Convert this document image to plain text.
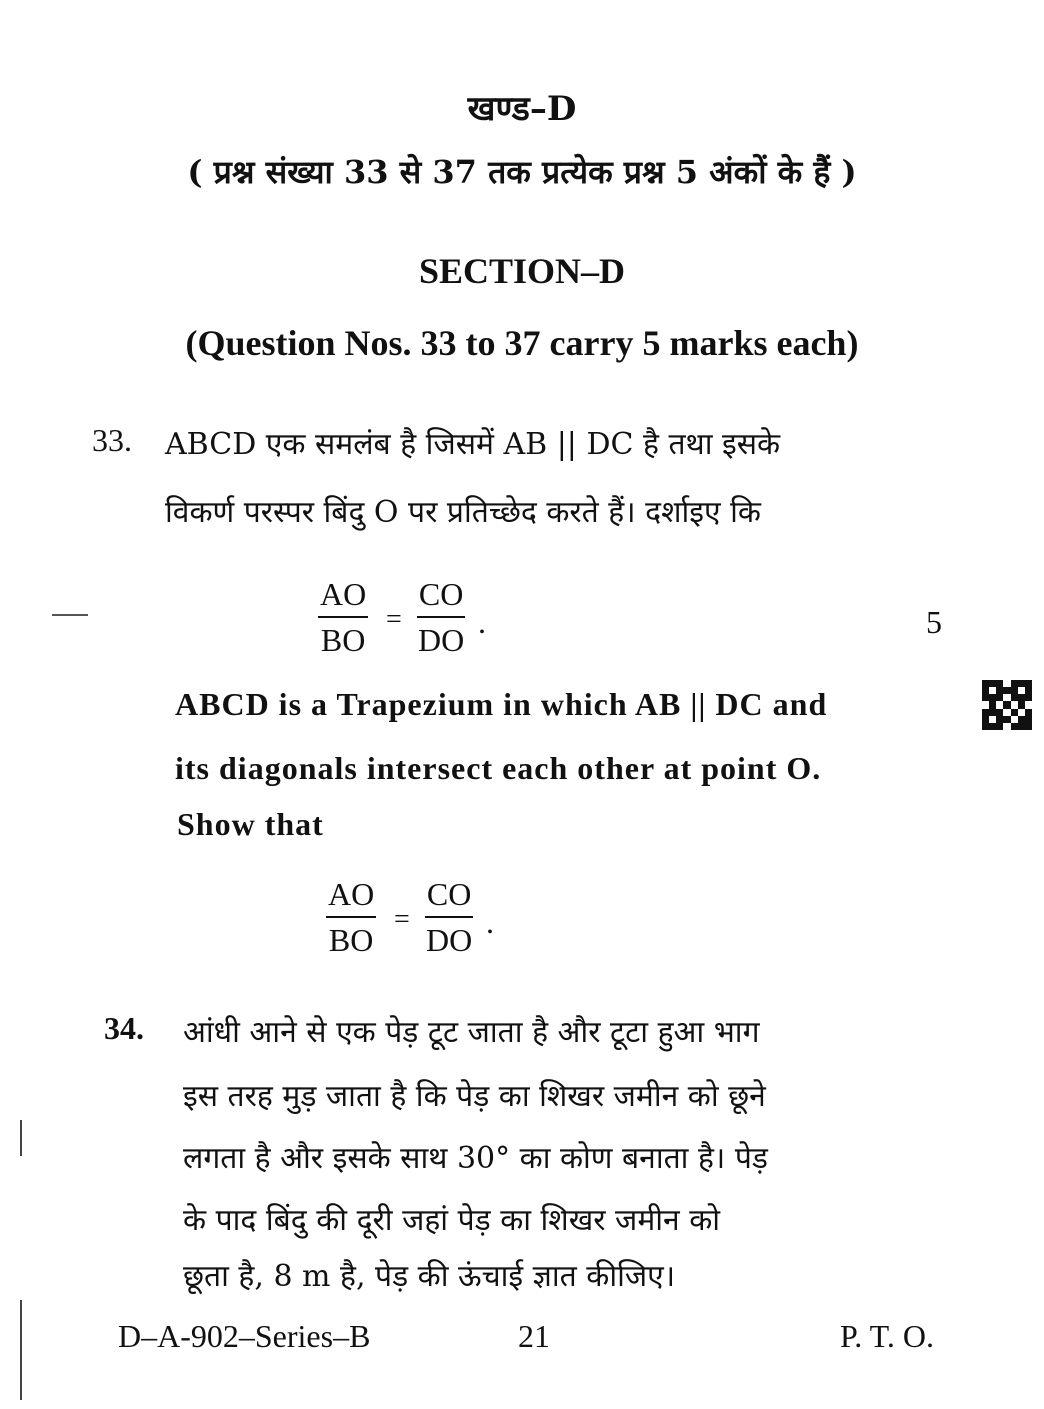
खण्ड–D
( प्रश्न संख्या 33 से 37 तक प्रत्येक प्रश्न 5 अंकों के हैं )
SECTION–D
(Question Nos. 33 to 37 carry 5 marks each)
33. ABCD एक समलंब है जिसमें AB || DC है तथा इसके
विकर्ण परस्पर बिंदु O पर प्रतिच्छेद करते हैं। दर्शाइए कि
$\frac{AO}{BO} = \frac{CO}{DO}$ .	5
ABCD is a Trapezium in which AB || DC and
its diagonals intersect each other at point O.
Show that
$\frac{AO}{BO} = \frac{CO}{DO}$ .
34. आंधी आने से एक पेड़ टूट जाता है और टूटा हुआ भाग
इस तरह मुड़ जाता है कि पेड़ का शिखर जमीन को छूने
लगता है और इसके साथ 30° का कोण बनाता है। पेड़
के पाद बिंदु की दूरी जहां पेड़ का शिखर जमीन को
छूता है, 8 m है, पेड़ की ऊंचाई ज्ञात कीजिए।
D–A-902–Series–B	21	P. T. O.
